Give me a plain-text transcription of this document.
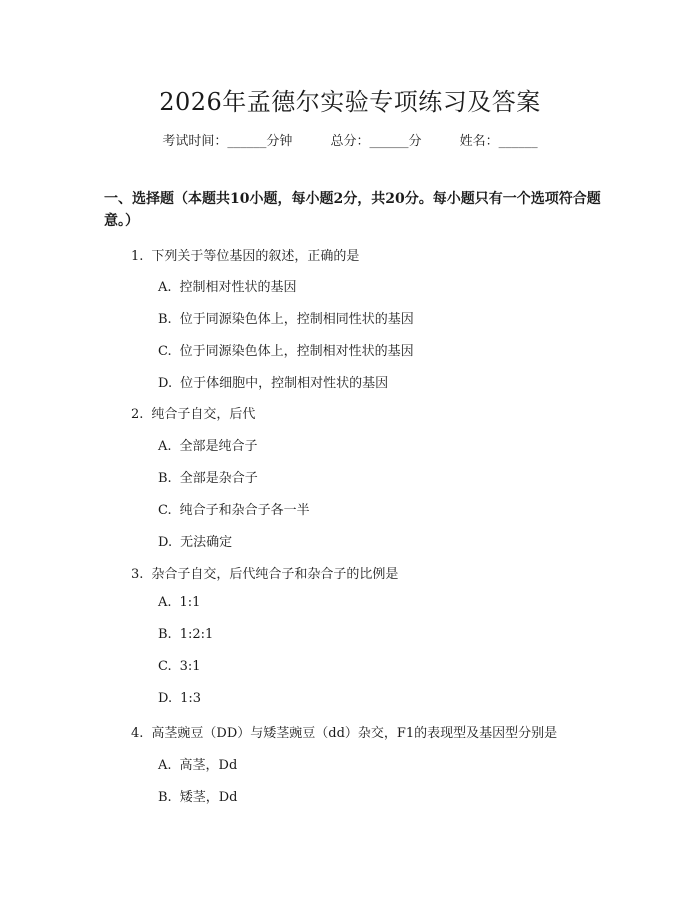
2026年孟德尔实验专项练习及答案
考试时间：______分钟	总分：______分	姓名：______
一、选择题（本题共10小题，每小题2分，共20分。每小题只有一个选项符合题意。）
1. 下列关于等位基因的叙述，正确的是
A. 控制相对性状的基因
B. 位于同源染色体上，控制相同性状的基因
C. 位于同源染色体上，控制相对性状的基因
D. 位于体细胞中，控制相对性状的基因
2. 纯合子自交，后代
A. 全部是纯合子
B. 全部是杂合子
C. 纯合子和杂合子各一半
D. 无法确定
3. 杂合子自交，后代纯合子和杂合子的比例是
A. 1:1
B. 1:2:1
C. 3:1
D. 1:3
4. 高茎豌豆（DD）与矮茎豌豆（dd）杂交，F1的表现型及基因型分别是
A. 高茎，Dd
B. 矮茎，Dd
